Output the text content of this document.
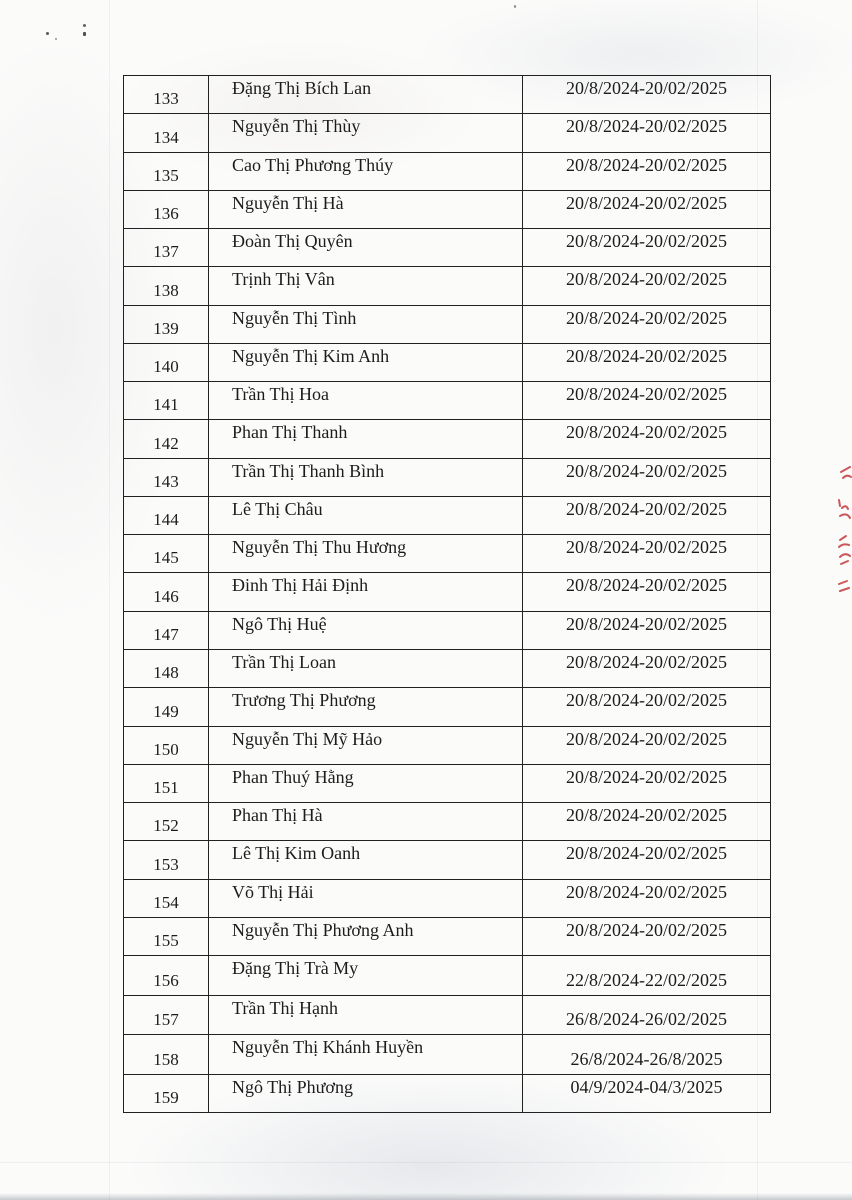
133	Đặng Thị Bích Lan	20/8/2024-20/02/2025
134	Nguyễn Thị Thùy	20/8/2024-20/02/2025
135	Cao Thị Phương Thúy	20/8/2024-20/02/2025
136	Nguyễn Thị Hà	20/8/2024-20/02/2025
137	Đoàn Thị Quyên	20/8/2024-20/02/2025
138	Trịnh Thị Vân	20/8/2024-20/02/2025
139	Nguyễn Thị Tình	20/8/2024-20/02/2025
140	Nguyễn Thị Kim Anh	20/8/2024-20/02/2025
141	Trần Thị Hoa	20/8/2024-20/02/2025
142	Phan Thị Thanh	20/8/2024-20/02/2025
143	Trần Thị Thanh Bình	20/8/2024-20/02/2025
144	Lê Thị Châu	20/8/2024-20/02/2025
145	Nguyễn Thị Thu Hương	20/8/2024-20/02/2025
146	Đinh Thị Hải Định	20/8/2024-20/02/2025
147	Ngô Thị Huệ	20/8/2024-20/02/2025
148	Trần Thị Loan	20/8/2024-20/02/2025
149	Trương Thị Phương	20/8/2024-20/02/2025
150	Nguyễn Thị Mỹ Hảo	20/8/2024-20/02/2025
151	Phan Thuý Hằng	20/8/2024-20/02/2025
152	Phan Thị Hà	20/8/2024-20/02/2025
153	Lê Thị Kim Oanh	20/8/2024-20/02/2025
154	Võ Thị Hải	20/8/2024-20/02/2025
155	Nguyễn Thị Phương Anh	20/8/2024-20/02/2025
156	Đặng Thị Trà My	22/8/2024-22/02/2025
157	Trần Thị Hạnh	26/8/2024-26/02/2025
158	Nguyễn Thị Khánh Huyền	26/8/2024-26/8/2025
159	Ngô Thị Phương	04/9/2024-04/3/2025
